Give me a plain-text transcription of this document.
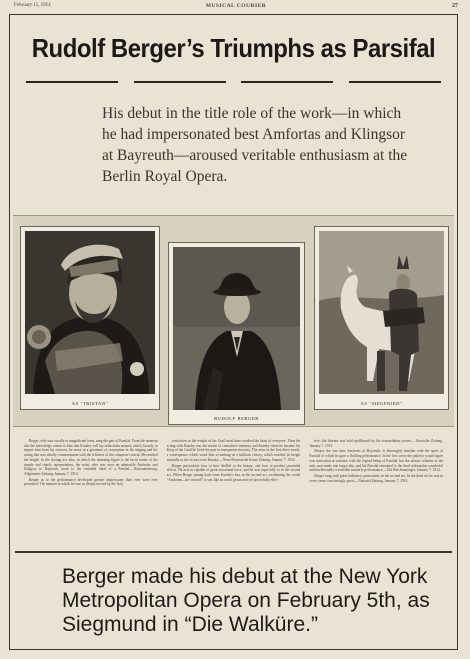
February 11, 1914	MUSICAL COURIER	27
Rudolf Berger’s Triumphs as Parsifal
His debut in the title role of the work—in which he had impersonated best Amfortas and Klingsor at Bayreuth—aroused veritable enthusiasm at the Berlin Royal Opera.
AS "TRISTAN"
RUDOLF BERGER
AS "SIEGFRIED"

Berger, who was vocally in magnificent form, sang the part of Parsifal. From the moment that the knowledge comes to him that Kundry will lay seductions around, utterly loosely to inspire him from his sorrows, he arose to a greatness of conception in his singing and his acting that was wholly commensurate with the loftiness of the composer's intent. He reached the height. In the closing act, also, in which the returning figure is the lucid center of the simple and stately interpretation, the artist, who was once an admirable Amfortas and Klingsor in Bayreuth, arose to the veritable ideal of a Parsifal.—Nationalzeitung, Allgemeine Zeitung, January 7, 1914.

Berger as to the performance developed greater impressions than ever were ever presented. The manner in which he was so deeply moved by the holy

conviction in the temple of the Grail must have touched the heart of everyone. Then the acting with Kundry was the movie of convulsive intensity and Kundry when he became the King of the Grail he lived the part in transparent sincerity. The actor in the first three words, a consequence which voted him to nothing as a brilliant victory, which reached its height naturally in the victory over Kundry.—Neue Preussische Kreuz Zeitung, January 7, 1914.

Berger particularly how to best thrilled to the beauty, and how to produce powerful effects. He acts in capable of great emotional force, and he was especially so in the second act. When Berger sprang back from Kundry's kiss in the second act, exclaiming the words “Amfortas—the wound!” it was like an awful groan and yet powerfully effec-

tive; the listener was held spellbound by his extraordinary power.—Vossische Zeitung, January 7, 1914.

Berger, the one time Amfortas of Bayreuth, is thoroughly familiar with the spirit of Parsifal of which he gave a thrilling performance. In the first scene the pathetic youth figure was somewhat at variance with the legend being of Parsifal, but the artistic solution of the task soon made one forget this, and his Parsifal remained to the final redemption wonderful and intellectually a veritable masterly performance.—Der Reichsanzeiger, January 7, 1914.

Berger sang with great brilliancy, particularly in the second act. In the third act he was in every sense convincingly great.—National Zeitung, January 7, 1914.

Berger made his debut at the New York Metropolitan Opera on February 5th, as Siegmund in “Die Walküre.”
